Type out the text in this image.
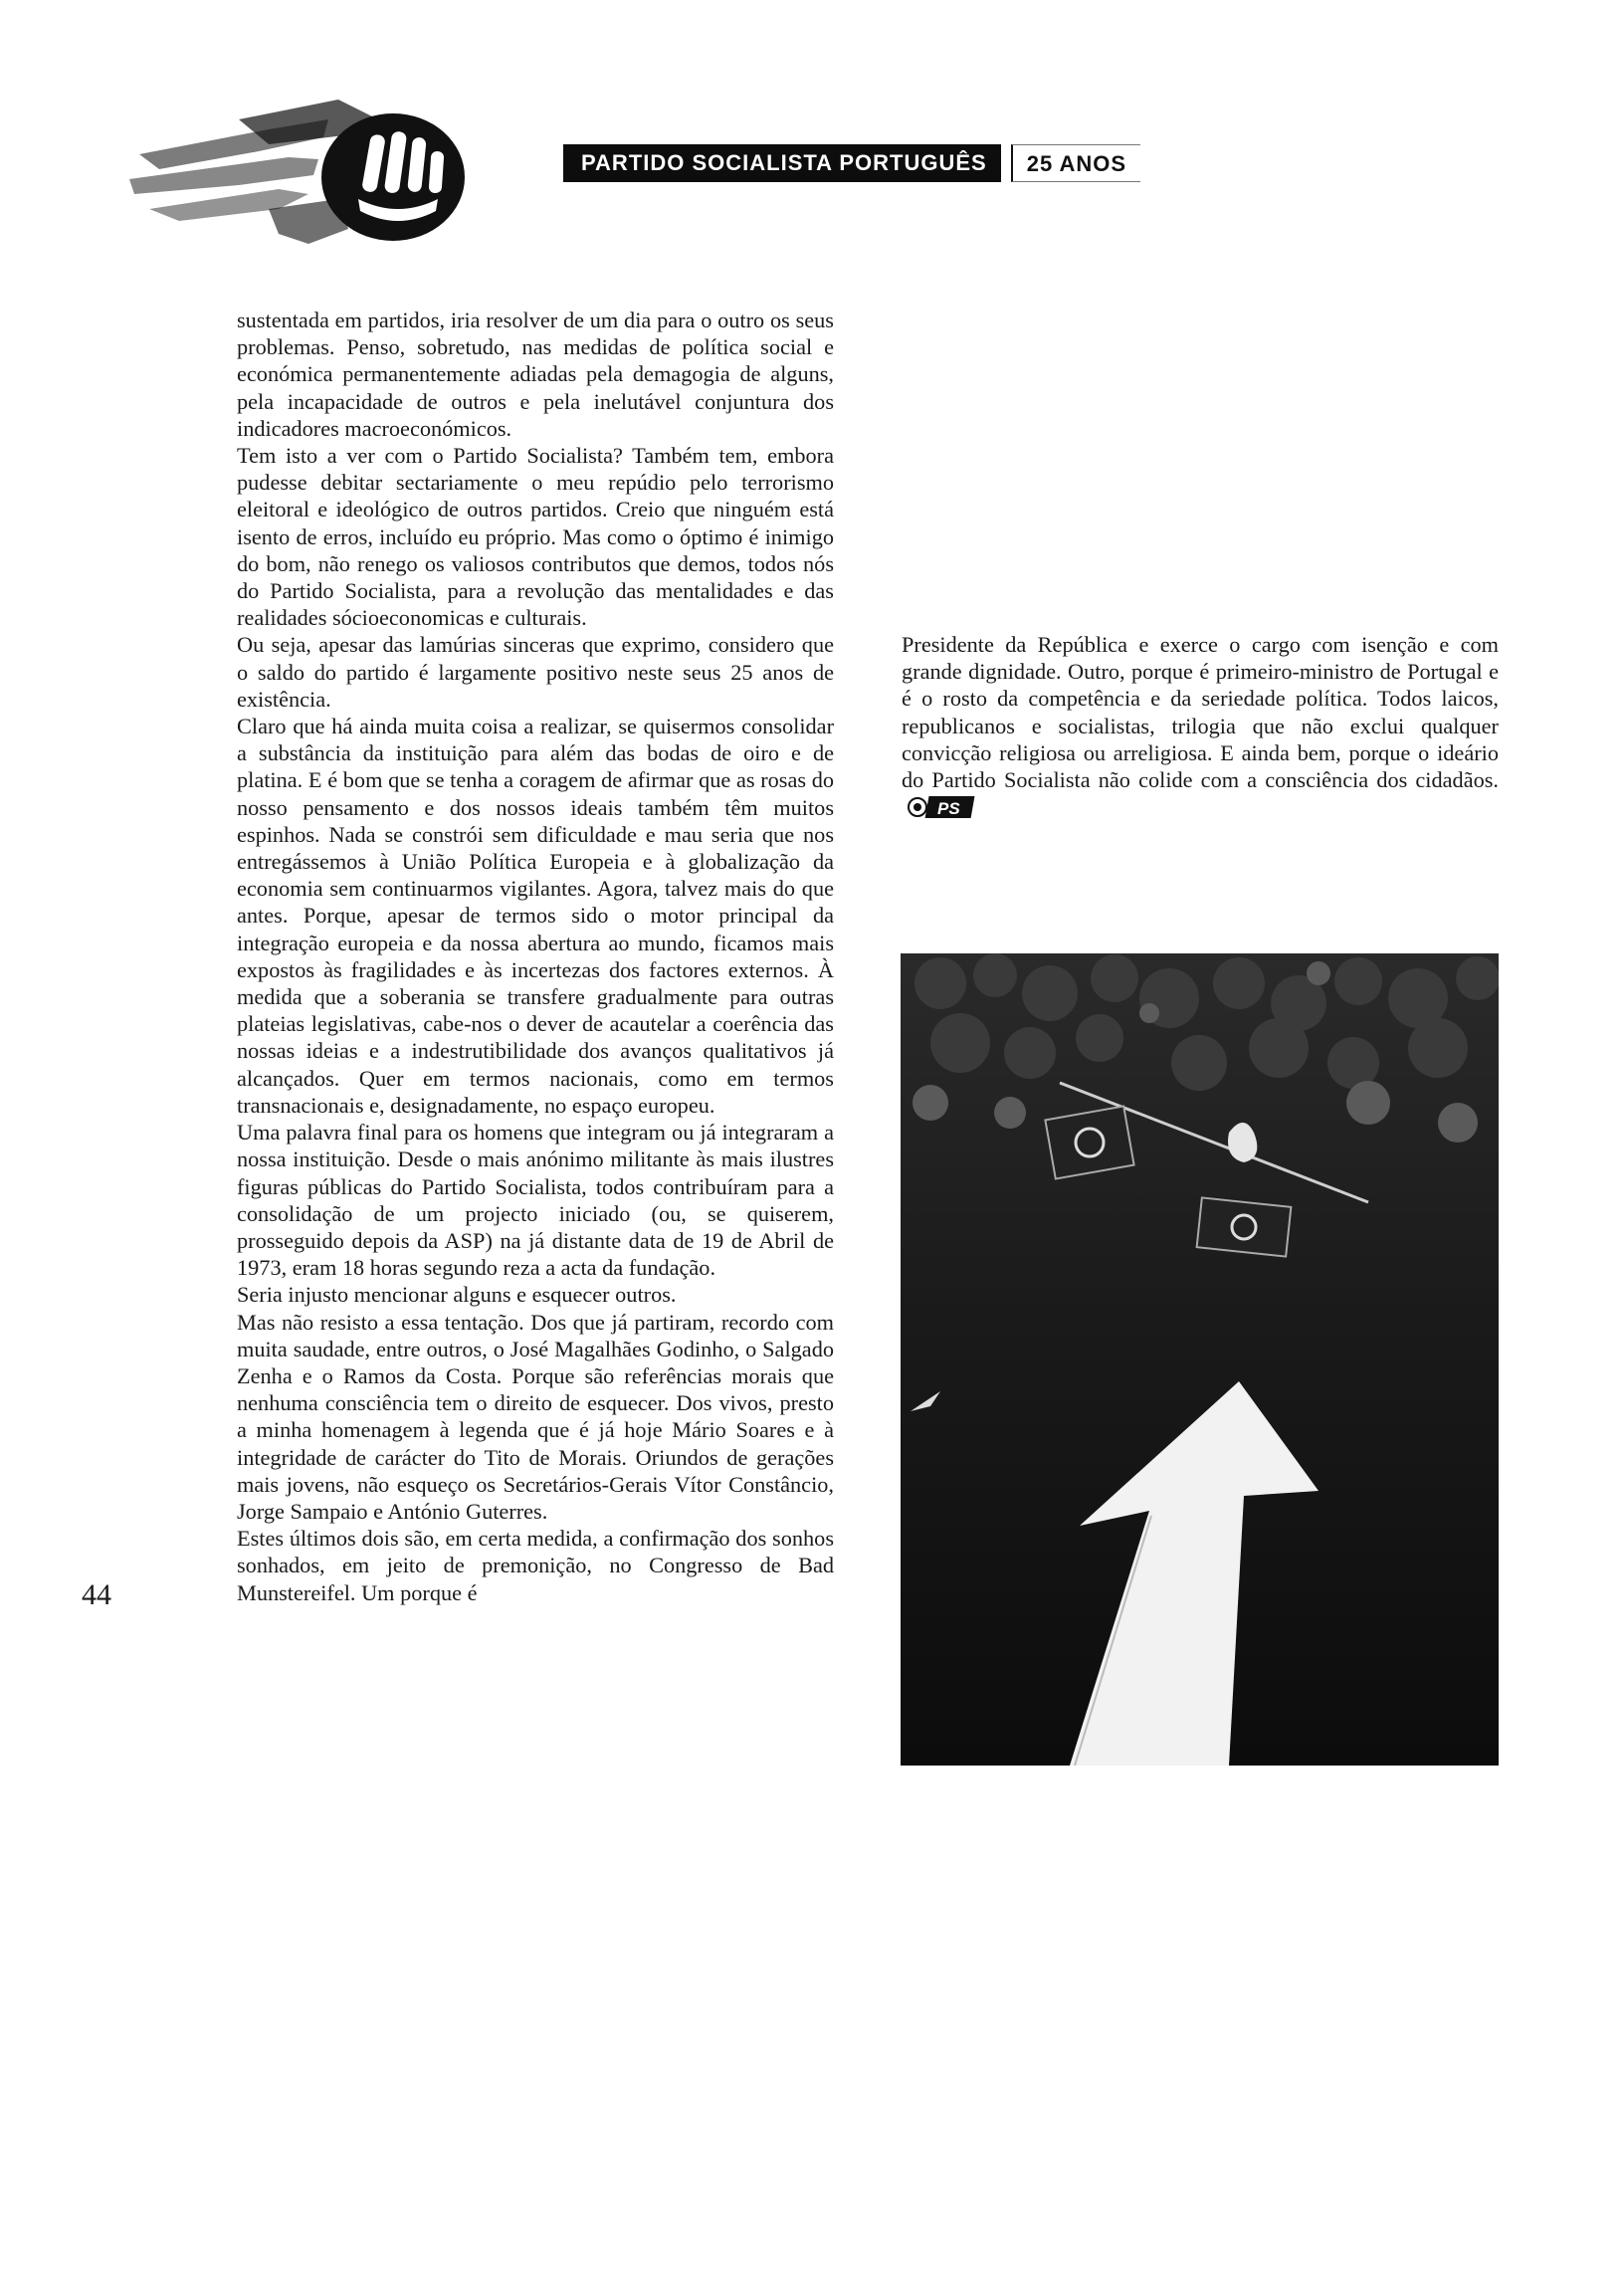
PARTIDO SOCIALISTA PORTUGUÊS	25 ANOS

sustentada em partidos, iria resolver de um dia para o outro os seus problemas. Penso, sobretudo, nas medidas de política social e económica permanentemente adiadas pela demagogia de alguns, pela incapacidade de outros e pela inelutável conjuntura dos indicadores macroeconómicos.

Tem isto a ver com o Partido Socialista? Também tem, embora pudesse debitar sectariamente o meu repúdio pelo terrorismo eleitoral e ideológico de outros partidos. Creio que ninguém está isento de erros, incluído eu próprio. Mas como o óptimo é inimigo do bom, não renego os valiosos contributos que demos, todos nós do Partido Socialista, para a revolução das mentalidades e das realidades sócioeconomicas e culturais.

Ou seja, apesar das lamúrias sinceras que exprimo, considero que o saldo do partido é largamente positivo neste seus 25 anos de existência.

Claro que há ainda muita coisa a realizar, se quisermos consolidar a substância da instituição para além das bodas de oiro e de platina. E é bom que se tenha a coragem de afirmar que as rosas do nosso pensamento e dos nossos ideais também têm muitos espinhos. Nada se constrói sem dificuldade e mau seria que nos entregássemos à União Política Europeia e à globalização da economia sem continuarmos vigilantes. Agora, talvez mais do que antes. Porque, apesar de termos sido o motor principal da integração europeia e da nossa abertura ao mundo, ficamos mais expostos às fragilidades e às incertezas dos factores externos. À medida que a soberania se transfere gradualmente para outras plateias legislativas, cabe-nos o dever de acautelar a coerência das nossas ideias e a indestrutibilidade dos avanços qualitativos já alcançados. Quer em termos nacionais, como em termos transnacionais e, designadamente, no espaço europeu.

Uma palavra final para os homens que integram ou já integraram a nossa instituição. Desde o mais anónimo militante às mais ilustres figuras públicas do Partido Socialista, todos contribuíram para a consolidação de um projecto iniciado (ou, se quiserem, prosseguido depois da ASP) na já distante data de 19 de Abril de 1973, eram 18 horas segundo reza a acta da fundação.

Seria injusto mencionar alguns e esquecer outros.

Mas não resisto a essa tentação. Dos que já partiram, recordo com muita saudade, entre outros, o José Magalhães Godinho, o Salgado Zenha e o Ramos da Costa. Porque são referências morais que nenhuma consciência tem o direito de esquecer. Dos vivos, presto a minha homenagem à legenda que é já hoje Mário Soares e à integridade de carácter do Tito de Morais. Oriundos de gerações mais jovens, não esqueço os Secretários-Gerais Vítor Constâncio, Jorge Sampaio e António Guterres.

Estes últimos dois são, em certa medida, a confirmação dos sonhos sonhados, em jeito de premonição, no Congresso de Bad Munstereifel. Um porque é

Presidente da República e exerce o cargo com isenção e com grande dignidade. Outro, porque é primeiro-ministro de Portugal e é o rosto da competência e da seriedade política. Todos laicos, republicanos e socialistas, trilogia que não exclui qualquer convicção religiosa ou arreligiosa. E ainda bem, porque o ideário do Partido Socialista não colide com a consciência dos cidadãos.
PS

44
